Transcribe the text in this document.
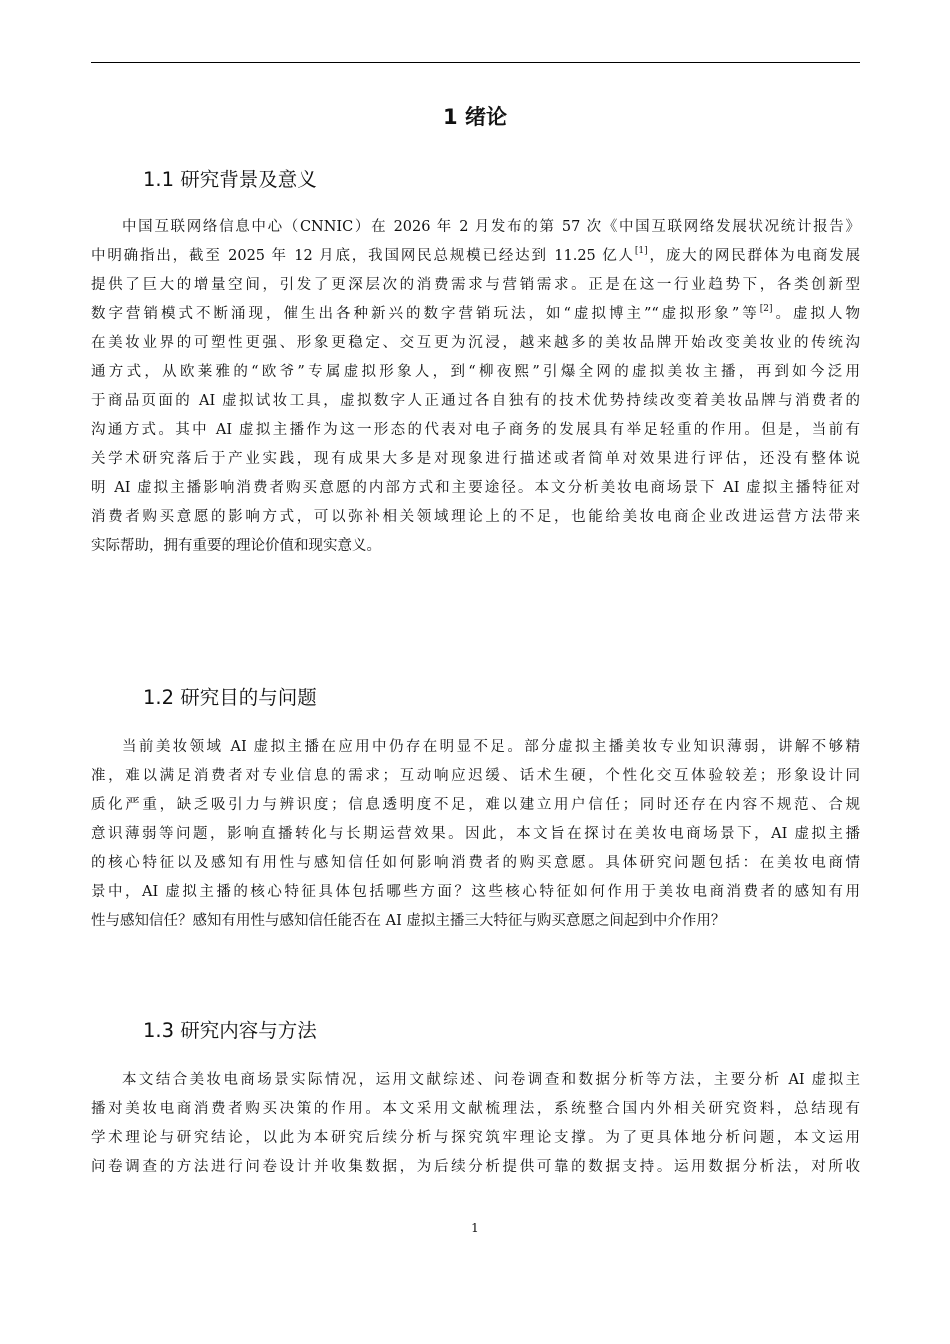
1 绪论
1.1 研究背景及意义
中国互联网络信息中心（CNNIC）在 2026 年 2 月发布的第 57 次《中国互联网络发展状况统计报告》
中明确指出，截至 2025 年 12 月底，我国网民总规模已经达到 11.25 亿人[1]，庞大的网民群体为电商发展
提供了巨大的增量空间，引发了更深层次的消费需求与营销需求。正是在这一行业趋势下，各类创新型
数字营销模式不断涌现，催生出各种新兴的数字营销玩法，如“虚拟博主”“虚拟形象”等[2]。虚拟人物
在美妆业界的可塑性更强、形象更稳定、交互更为沉浸，越来越多的美妆品牌开始改变美妆业的传统沟
通方式，从欧莱雅的“欧爷”专属虚拟形象人，到“柳夜熙”引爆全网的虚拟美妆主播，再到如今泛用
于商品页面的 AI 虚拟试妆工具，虚拟数字人正通过各自独有的技术优势持续改变着美妆品牌与消费者的
沟通方式。其中 AI 虚拟主播作为这一形态的代表对电子商务的发展具有举足轻重的作用。但是，当前有
关学术研究落后于产业实践，现有成果大多是对现象进行描述或者简单对效果进行评估，还没有整体说
明 AI 虚拟主播影响消费者购买意愿的内部方式和主要途径。本文分析美妆电商场景下 AI 虚拟主播特征对
消费者购买意愿的影响方式，可以弥补相关领域理论上的不足，也能给美妆电商企业改进运营方法带来
实际帮助，拥有重要的理论价值和现实意义。
1.2 研究目的与问题
当前美妆领域 AI 虚拟主播在应用中仍存在明显不足。部分虚拟主播美妆专业知识薄弱，讲解不够精
准，难以满足消费者对专业信息的需求；互动响应迟缓、话术生硬，个性化交互体验较差；形象设计同
质化严重，缺乏吸引力与辨识度；信息透明度不足，难以建立用户信任；同时还存在内容不规范、合规
意识薄弱等问题，影响直播转化与长期运营效果。因此，本文旨在探讨在美妆电商场景下，AI 虚拟主播
的核心特征以及感知有用性与感知信任如何影响消费者的购买意愿。具体研究问题包括：在美妆电商情
景中，AI 虚拟主播的核心特征具体包括哪些方面？这些核心特征如何作用于美妆电商消费者的感知有用
性与感知信任？感知有用性与感知信任能否在 AI 虚拟主播三大特征与购买意愿之间起到中介作用？
1.3 研究内容与方法
本文结合美妆电商场景实际情况，运用文献综述、问卷调查和数据分析等方法，主要分析 AI 虚拟主
播对美妆电商消费者购买决策的作用。本文采用文献梳理法，系统整合国内外相关研究资料，总结现有
学术理论与研究结论，以此为本研究后续分析与探究筑牢理论支撑。为了更具体地分析问题，本文运用
问卷调查的方法进行问卷设计并收集数据，为后续分析提供可靠的数据支持。运用数据分析法，对所收
1
